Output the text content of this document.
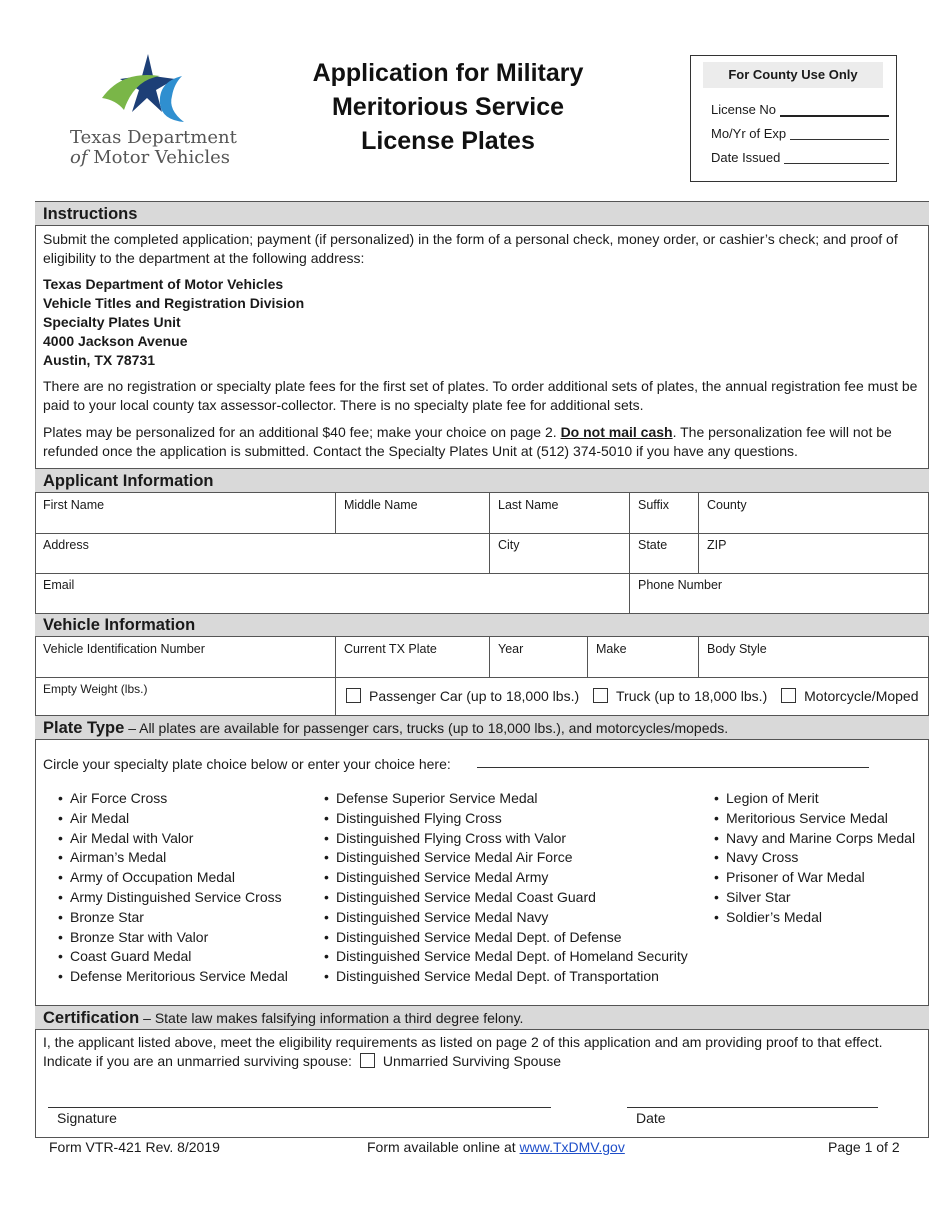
Texas Department
of Motor Vehicles
Application for Military
Meritorious Service
License Plates
For County Use Only
License No
Mo/Yr of Exp
Date Issued
Instructions
Submit the completed application; payment (if personalized) in the form of a personal check, money order, or cashier’s check; and proof of eligibility to the department at the following address:
Texas Department of Motor Vehicles
Vehicle Titles and Registration Division
Specialty Plates Unit
4000 Jackson Avenue
Austin, TX 78731
There are no registration or specialty plate fees for the first set of plates. To order additional sets of plates, the annual registration fee must be paid to your local county tax assessor-collector. There is no specialty plate fee for additional sets.
Plates may be personalized for an additional $40 fee; make your choice on page 2. Do not mail cash. The personalization fee will not be refunded once the application is submitted. Contact the Specialty Plates Unit at (512) 374-5010 if you have any questions.
Applicant Information
First Name	Middle Name	Last Name	Suffix	County
Address	City	State	ZIP
Email	Phone Number
Vehicle Information
Vehicle Identification Number	Current TX Plate	Year	Make	Body Style
Empty Weight (lbs.)	Passenger Car (up to 18,000 lbs.)	Truck (up to 18,000 lbs.)	Motorcycle/Moped
Plate Type – All plates are available for passenger cars, trucks (up to 18,000 lbs.), and motorcycles/mopeds.
Circle your specialty plate choice below or enter your choice here:
• Air Force Cross
• Air Medal
• Air Medal with Valor
• Airman’s Medal
• Army of Occupation Medal
• Army Distinguished Service Cross
• Bronze Star
• Bronze Star with Valor
• Coast Guard Medal
• Defense Meritorious Service Medal
• Defense Superior Service Medal
• Distinguished Flying Cross
• Distinguished Flying Cross with Valor
• Distinguished Service Medal Air Force
• Distinguished Service Medal Army
• Distinguished Service Medal Coast Guard
• Distinguished Service Medal Navy
• Distinguished Service Medal Dept. of Defense
• Distinguished Service Medal Dept. of Homeland Security
• Distinguished Service Medal Dept. of Transportation
• Legion of Merit
• Meritorious Service Medal
• Navy and Marine Corps Medal
• Navy Cross
• Prisoner of War Medal
• Silver Star
• Soldier’s Medal
Certification – State law makes falsifying information a third degree felony.
I, the applicant listed above, meet the eligibility requirements as listed on page 2 of this application and am providing proof to that effect.
Indicate if you are an unmarried surviving spouse: Unmarried Surviving Spouse
Signature	Date
Form VTR-421 Rev. 8/2019	Form available online at www.TxDMV.gov	Page 1 of 2
